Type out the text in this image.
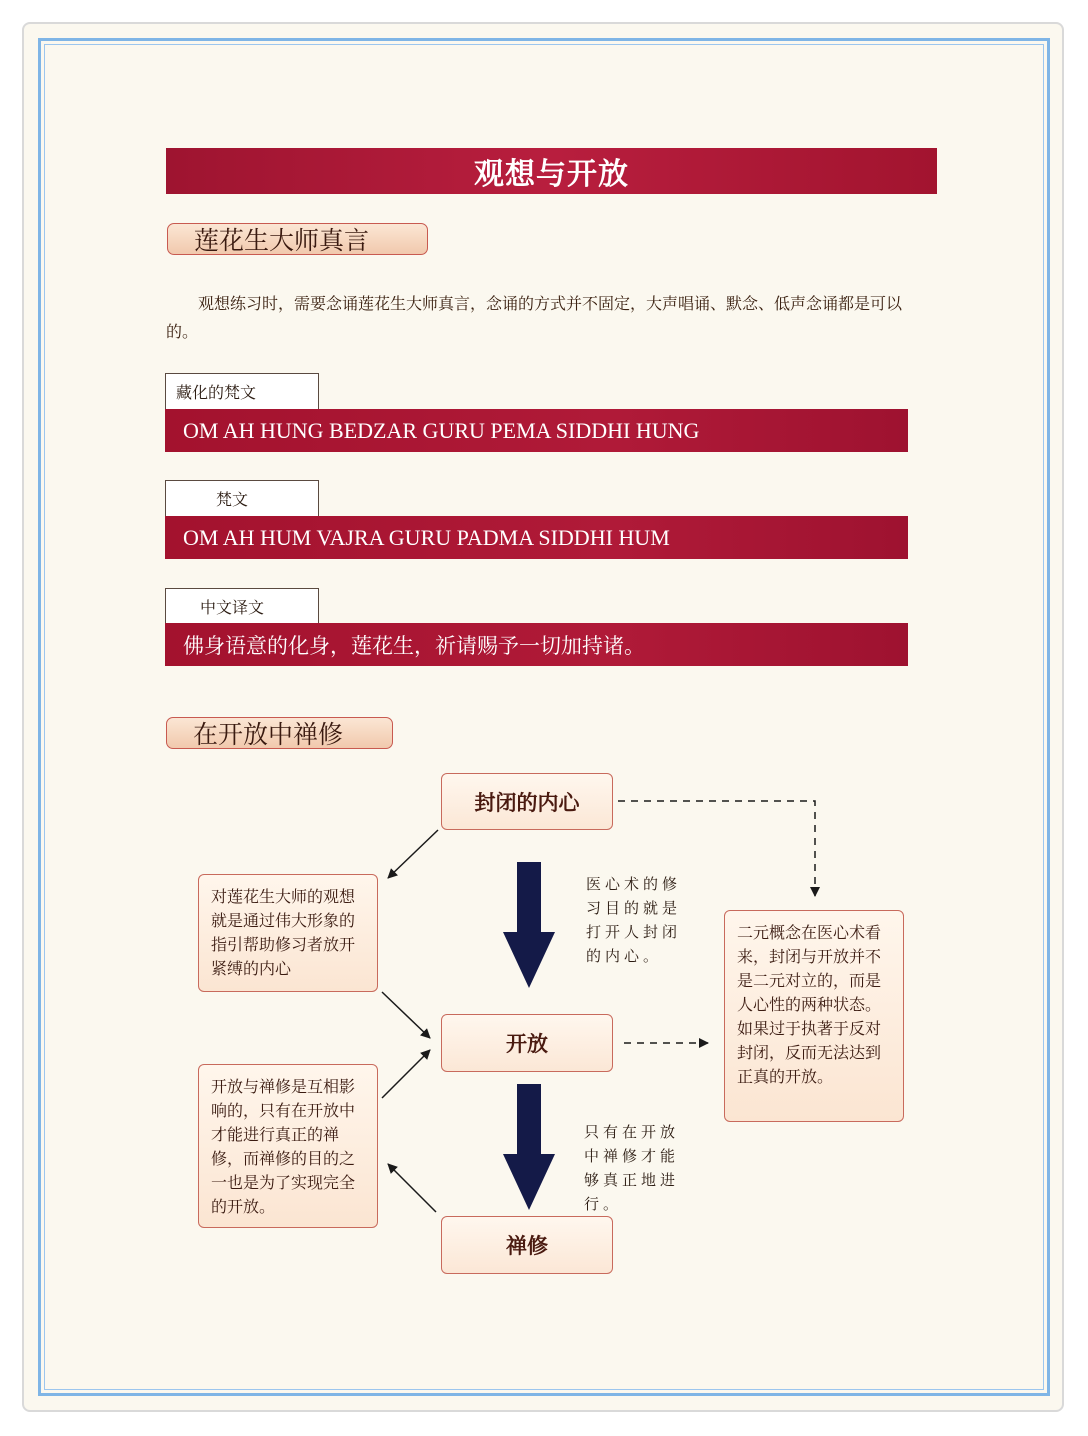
观想与开放
莲花生大师真言
观想练习时，需要念诵莲花生大师真言，念诵的方式并不固定，大声唱诵、默念、低声念诵都是可以的。
藏化的梵文
OM AH HUNG BEDZAR GURU PEMA SIDDHI HUNG
梵文
OM AH HUM VAJRA GURU PADMA SIDDHI HUM
中文译文
佛身语意的化身，莲花生，祈请赐予一切加持诸。
在开放中禅修
封闭的内心
开放
禅修
对莲花生大师的观想就是通过伟大形象的指引帮助修习者放开紧缚的内心
开放与禅修是互相影响的，只有在开放中才能进行真正的禅修，而禅修的目的之一也是为了实现完全的开放。
二元概念在医心术看来，封闭与开放并不是二元对立的，而是人心性的两种状态。如果过于执著于反对封闭，反而无法达到正真的开放。
医心术的修习目的就是打开人封闭的内心。
只有在开放中禅修才能够真正地进行。
